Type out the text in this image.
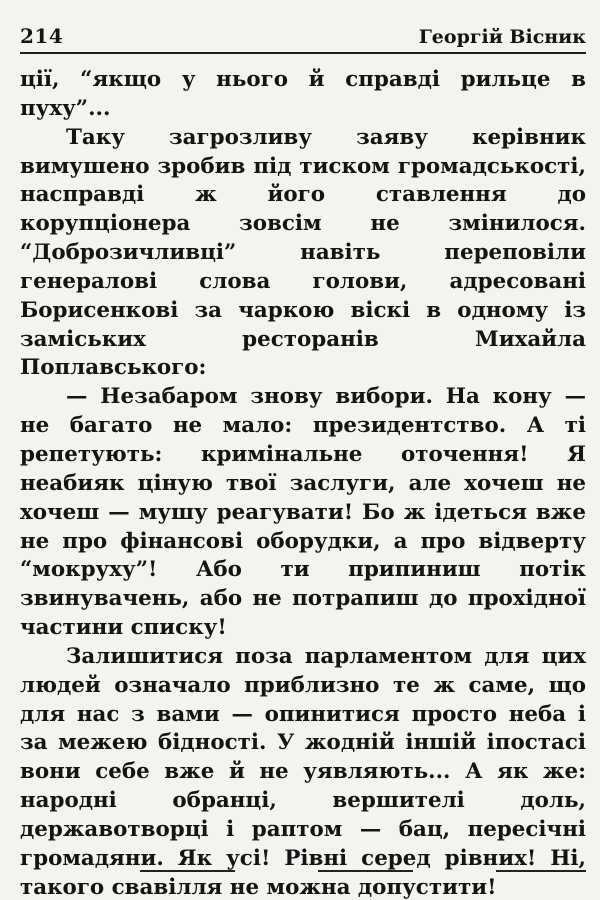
214	Георгій Вісник

ції, “якщо у нього й справді рильце в пуху”...

Таку загрозливу заяву керівник вимушено зробив під тиском громадськості, насправді ж його ставлення до корупціонера зовсім не змінилося. “Доброзичливці” навіть переповіли генералові слова голови, адресовані Борисенкові за чаркою віскі в одному із заміських ресторанів Михайла Поплавського:

— Незабаром знову вибори. На кону — не багато не мало: президентство. А ті репетують: кримінальне оточення! Я неабияк ціную твої заслуги, але хочеш не хочеш — мушу реагувати! Бо ж ідеться вже не про фінансові оборудки, а про відверту “мокруху”! Або ти припиниш потік звинувачень, або не потрапиш до прохідної частини списку!

Залишитися поза парламентом для цих людей означало приблизно те ж саме, що для нас з вами — опинитися просто неба і за межею бідності. У жодній іншій іпостасі вони себе вже й не уявляють... А як же: народні обранці, вершителі доль, державотворці і раптом — бац, пересічні громадяни. Як усі! Рівні серед рівних! Ні, такого свавілля не можна допустити!
